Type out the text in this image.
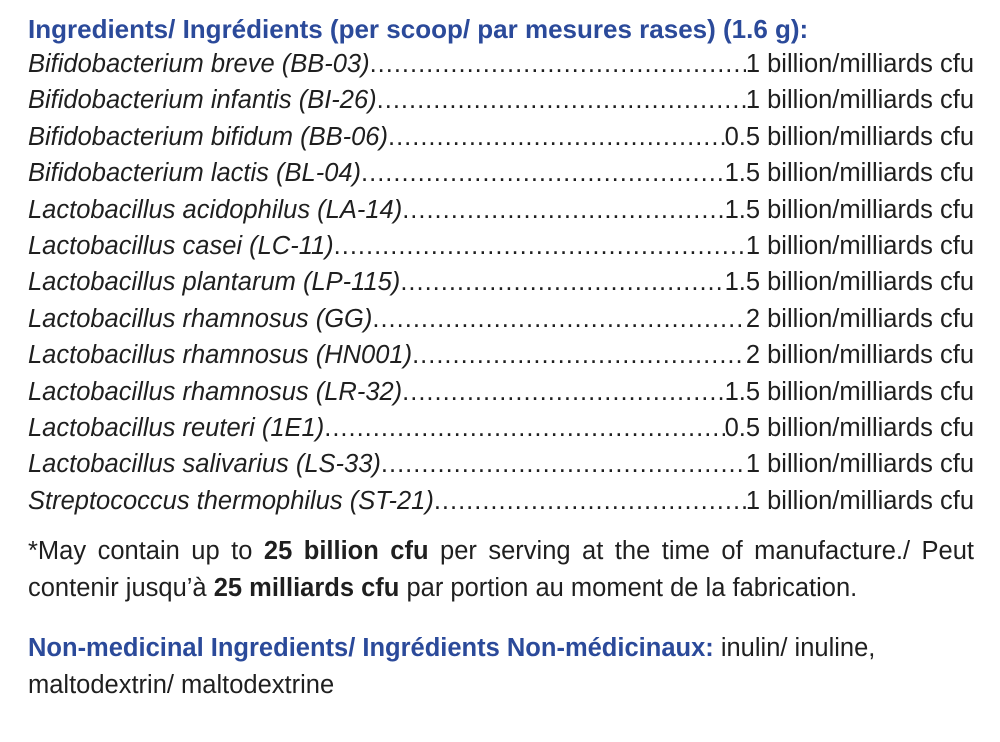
Ingredients/ Ingrédients (per scoop/ par mesures rases) (1.6 g):
Bifidobacterium breve (BB-03) .....	1 billion/milliards cfu
Bifidobacterium infantis (BI-26) .....	1 billion/milliards cfu
Bifidobacterium bifidum (BB-06) .....	0.5 billion/milliards cfu
Bifidobacterium lactis (BL-04) .....	1.5 billion/milliards cfu
Lactobacillus acidophilus (LA-14) .....	1.5 billion/milliards cfu
Lactobacillus casei (LC-11) .....	1 billion/milliards cfu
Lactobacillus plantarum (LP-115) .....	1.5 billion/milliards cfu
Lactobacillus rhamnosus (GG) .....	2 billion/milliards cfu
Lactobacillus rhamnosus (HN001) .....	2 billion/milliards cfu
Lactobacillus rhamnosus (LR-32) .....	1.5 billion/milliards cfu
Lactobacillus reuteri (1E1) .....	0.5 billion/milliards cfu
Lactobacillus salivarius (LS-33) .....	1 billion/milliards cfu
Streptococcus thermophilus (ST-21) .....	1 billion/milliards cfu
*May contain up to 25 billion cfu per serving at the time of manufacture./ Peut contenir jusqu’à 25 milliards cfu par portion au moment de la fabrication.
Non-medicinal Ingredients/ Ingrédients Non-médicinaux: inulin/ inuline, maltodextrin/ maltodextrine
